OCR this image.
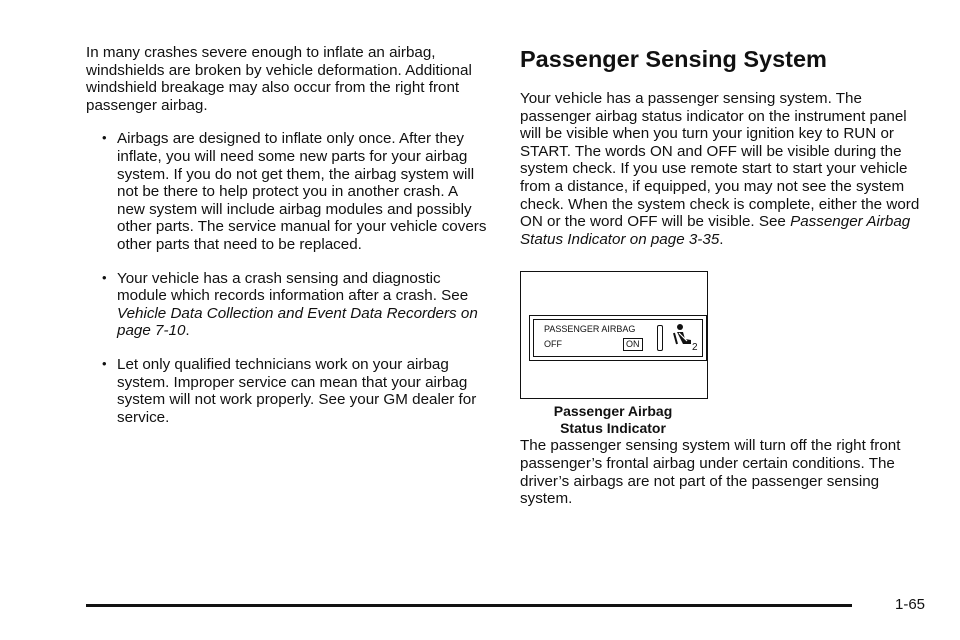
In many crashes severe enough to inflate an airbag, windshields are broken by vehicle deformation. Additional windshield breakage may also occur from the right front passenger airbag.

• Airbags are designed to inflate only once. After they inflate, you will need some new parts for your airbag system. If you do not get them, the airbag system will not be there to help protect you in another crash. A new system will include airbag modules and possibly other parts. The service manual for your vehicle covers other parts that need to be replaced.
• Your vehicle has a crash sensing and diagnostic module which records information after a crash. See Vehicle Data Collection and Event Data Recorders on page 7-10.
• Let only qualified technicians work on your airbag system. Improper service can mean that your airbag system will not work properly. See your GM dealer for service.
Passenger Sensing System

Your vehicle has a passenger sensing system. The passenger airbag status indicator on the instrument panel will be visible when you turn your ignition key to RUN or START. The words ON and OFF will be visible during the system check. If you use remote start to start your vehicle from a distance, if equipped, you may not see the system check. When the system check is complete, either the word ON or the word OFF will be visible. See Passenger Airbag Status Indicator on page 3-35.

PASSENGER AIRBAG
OFF	ON	2
Passenger Airbag
Status Indicator

The passenger sensing system will turn off the right front passenger’s frontal airbag under certain conditions. The driver’s airbags are not part of the passenger sensing system.

1-65
